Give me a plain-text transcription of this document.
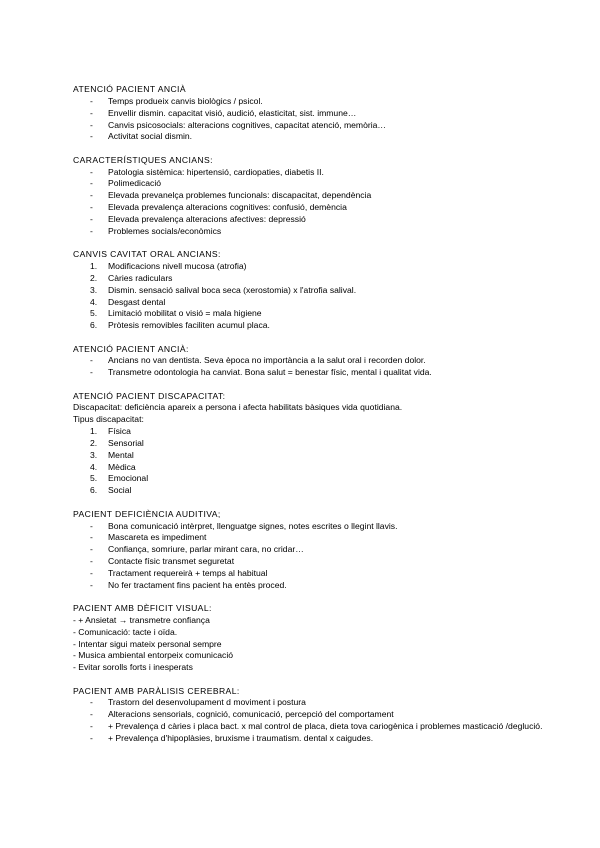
ATENCIÓ PACIENT ANCIÀ
-	Temps produeix canvis biològics / psicol.
-	Envellir dismin. capacitat visió, audició, elasticitat, sist. immune…
-	Canvis psicosocials: alteracions cognitives, capacitat atenció, memòria…
-	Activitat social dismin.
CARACTERÍSTIQUES ANCIANS:
-	Patologia sistèmica: hipertensió, cardiopaties, diabetis II.
-	Polimedicació
-	Elevada prevanelça problemes funcionals: discapacitat, dependència
-	Elevada prevalença alteracions cognitives: confusió, demència
-	Elevada prevalença alteracions afectives: depressió
-	Problemes socials/econòmics
CANVIS CAVITAT ORAL ANCIANS:
1.	Modificacions nivell mucosa (atrofia)
2.	Càries radiculars
3.	Dismin. sensació salival boca seca (xerostomia) x l'atrofia salival.
4.	Desgast dental
5.	Limitació mobilitat o visió = mala higiene
6.	Pròtesis removibles faciliten acumul placa.
ATENCIÓ PACIENT ANCIÀ:
-	Ancians no van dentista. Seva època no importància a la salut oral i recorden dolor.
-	Transmetre odontologia ha canviat. Bona salut = benestar físic, mental i qualitat vida.
ATENCIÓ PACIENT DISCAPACITAT:
Discapacitat: deficiència apareix a persona i afecta habilitats bàsiques vida quotidiana.
Tipus discapacitat:
1.	Física
2.	Sensorial
3.	Mental
4.	Mèdica
5.	Emocional
6.	Social
PACIENT DEFICIÈNCIA AUDITIVA;
-	Bona comunicació intèrpret, llenguatge signes, notes escrites o llegint llavis.
-	Mascareta es impediment
-	Confiança, somriure, parlar mirant cara, no cridar…
-	Contacte físic transmet seguretat
-	Tractament requereirà + temps al habitual
-	No fer tractament fins pacient ha entès proced.
PACIENT AMB DÈFICIT VISUAL:
- + Ansietat → transmetre confiança
- Comunicació: tacte i oïda.
- Intentar sigui mateix personal sempre
- Musica ambiental entorpeix comunicació
- Evitar sorolls forts i inesperats
PACIENT AMB PARÀLISIS CEREBRAL:
-	Trastorn del desenvolupament d moviment i postura
-	Alteracions sensorials, cognició, comunicació, percepció del comportament
-	+ Prevalença d càries i placa bact. x mal control de placa, dieta tova cariogènica i problemes masticació /deglució.
-	+ Prevalença d'hipoplàsies, bruxisme i traumatism. dental x caigudes.
